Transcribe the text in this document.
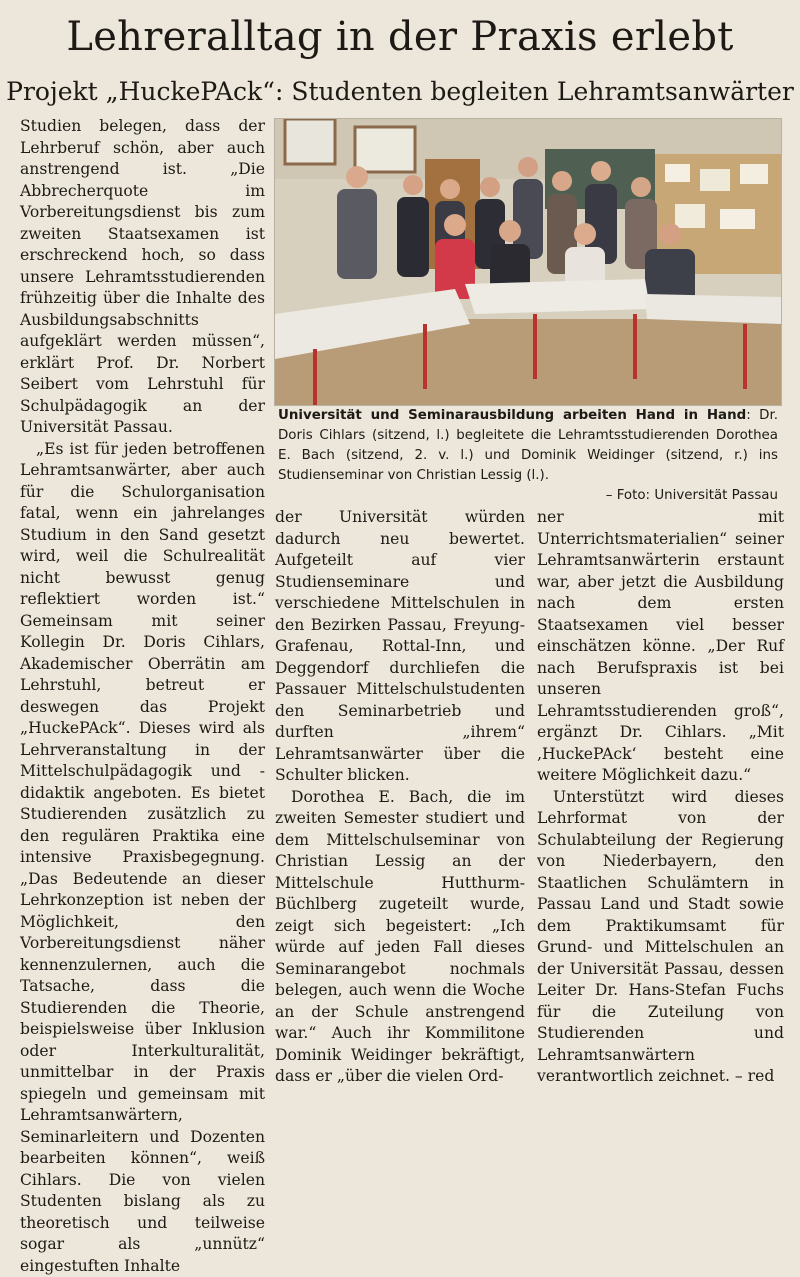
Lehreralltag in der Praxis erlebt
Projekt „HuckePAck“: Studenten begleiten Lehramtsanwärter

Studien belegen, dass der Lehrberuf schön, aber auch anstrengend ist. „Die Abbrecherquote im Vorbereitungsdienst bis zum zweiten Staatsexamen ist erschreckend hoch, so dass unsere Lehramtsstudierenden frühzeitig über die Inhalte des Ausbildungsabschnitts aufgeklärt werden müssen“, erklärt Prof. Dr. Norbert Seibert vom Lehrstuhl für Schulpädagogik an der Universität Passau.

„Es ist für jeden betroffenen Lehramtsanwärter, aber auch für die Schulorganisation fatal, wenn ein jahrelanges Studium in den Sand gesetzt wird, weil die Schulrealität nicht bewusst genug reflektiert worden ist.“ Gemeinsam mit seiner Kollegin Dr. Doris Cihlars, Akademischer Oberrätin am Lehrstuhl, betreut er deswegen das Projekt „HuckePAck“. Dieses wird als Lehrveranstaltung in der Mittelschulpädagogik und -didaktik angeboten. Es bietet Studierenden zusätzlich zu den regulären Praktika eine intensive Praxisbegegnung. „Das Bedeutende an dieser Lehrkonzeption ist neben der Möglichkeit, den Vorbereitungsdienst näher kennenzulernen, auch die Tatsache, dass die Studierenden die Theorie, beispielsweise über Inklusion oder Interkulturalität, unmittelbar in der Praxis spiegeln und gemeinsam mit Lehramtsanwärtern, Seminarleitern und Dozenten bearbeiten können“, weiß Cihlars. Die von vielen Studenten bislang als zu theoretisch und teilweise sogar als „unnütz“ eingestuften Inhalte

Universität und Seminarausbildung arbeiten Hand in Hand: Dr. Doris Cihlars (sitzend, l.) begleitete die Lehramtsstudierenden Dorothea E. Bach (sitzend, 2. v. l.) und Dominik Weidinger (sitzend, r.) ins Studienseminar von Christian Lessig (l.).
– Foto: Universität Passau

der Universität würden dadurch neu bewertet. Aufgeteilt auf vier Studienseminare und verschiedene Mittelschulen in den Bezirken Passau, Freyung-Grafenau, Rottal-Inn, und Deggendorf durchliefen die Passauer Mittelschulstudenten den Seminarbetrieb und durften „ihrem“ Lehramtsanwärter über die Schulter blicken.

Dorothea E. Bach, die im zweiten Semester studiert und dem Mittelschulseminar von Christian Lessig an der Mittelschule Hutthurm-Büchlberg zugeteilt wurde, zeigt sich begeistert: „Ich würde auf jeden Fall dieses Seminarangebot nochmals belegen, auch wenn die Woche an der Schule anstrengend war.“ Auch ihr Kommilitone Dominik Weidinger bekräftigt, dass er „über die vielen Ord-

ner mit Unterrichtsmaterialien“ seiner Lehramtsanwärterin erstaunt war, aber jetzt die Ausbildung nach dem ersten Staatsexamen viel besser einschätzen könne. „Der Ruf nach Berufspraxis ist bei unseren Lehramtsstudierenden groß“, ergänzt Dr. Cihlars. „Mit ‚HuckePAck‘ besteht eine weitere Möglichkeit dazu.“

Unterstützt wird dieses Lehrformat von der Schulabteilung der Regierung von Niederbayern, den Staatlichen Schulämtern in Passau Land und Stadt sowie dem Praktikumsamt für Grund- und Mittelschulen an der Universität Passau, dessen Leiter Dr. Hans-Stefan Fuchs für die Zuteilung von Studierenden und Lehramtsanwärtern verantwortlich zeichnet. – red
